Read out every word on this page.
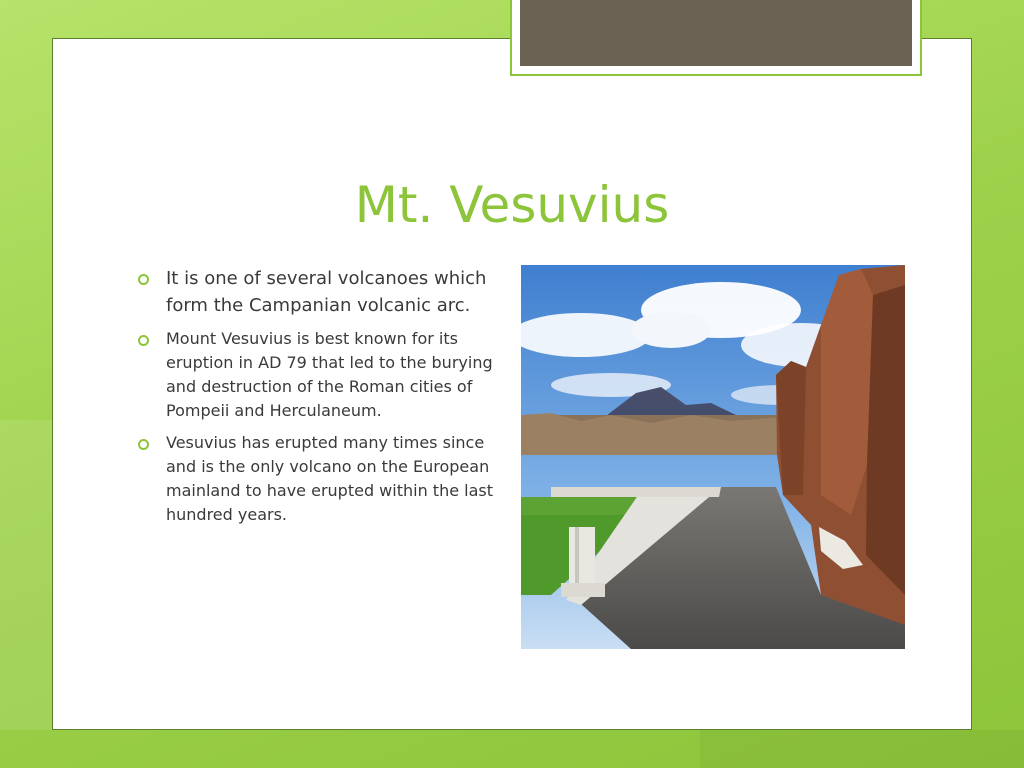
Mt. Vesuvius
It is one of several volcanoes which form the Campanian volcanic arc.
Mount Vesuvius is best known for its eruption in AD 79 that led to the burying and destruction of the Roman cities of Pompeii and Herculaneum.
Vesuvius has erupted many times since and is the only volcano on the European mainland to have erupted within the last hundred years.
